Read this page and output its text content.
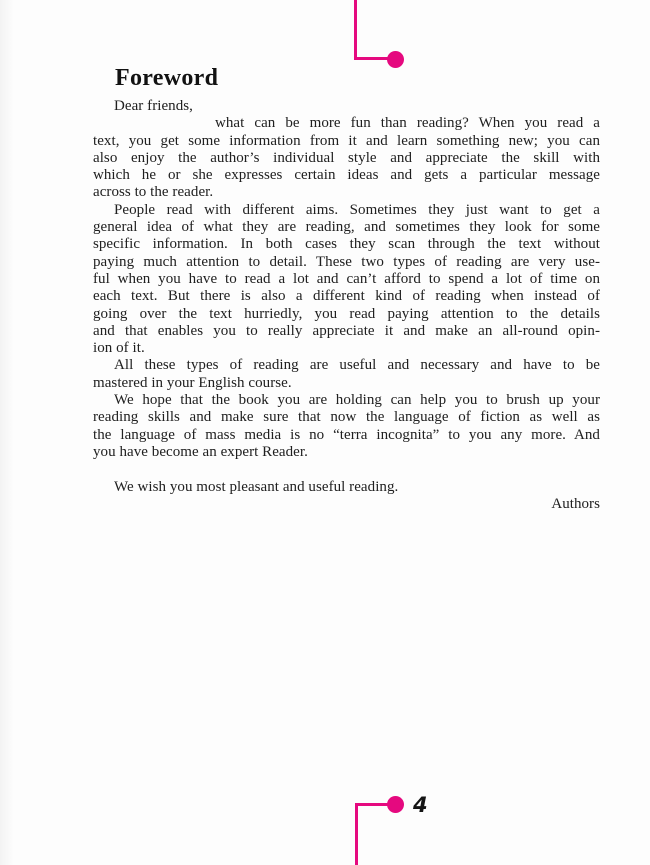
Foreword
Dear friends,
what can be more fun than reading? When you read a
text, you get some information from it and learn something new; you can
also enjoy the author’s individual style and appreciate the skill with
which he or she expresses certain ideas and gets a particular message
across to the reader.
People read with different aims. Sometimes they just want to get a
general idea of what they are reading, and sometimes they look for some
specific information. In both cases they scan through the text without
paying much attention to detail. These two types of reading are very use-
ful when you have to read a lot and can’t afford to spend a lot of time on
each text. But there is also a different kind of reading when instead of
going over the text hurriedly, you read paying attention to the details
and that enables you to really appreciate it and make an all-round opin-
ion of it.
All these types of reading are useful and necessary and have to be
mastered in your English course.
We hope that the book you are holding can help you to brush up your
reading skills and make sure that now the language of fiction as well as
the language of mass media is no “terra incognita” to you any more. And
you have become an expert Reader.
We wish you most pleasant and useful reading.
Authors
4
